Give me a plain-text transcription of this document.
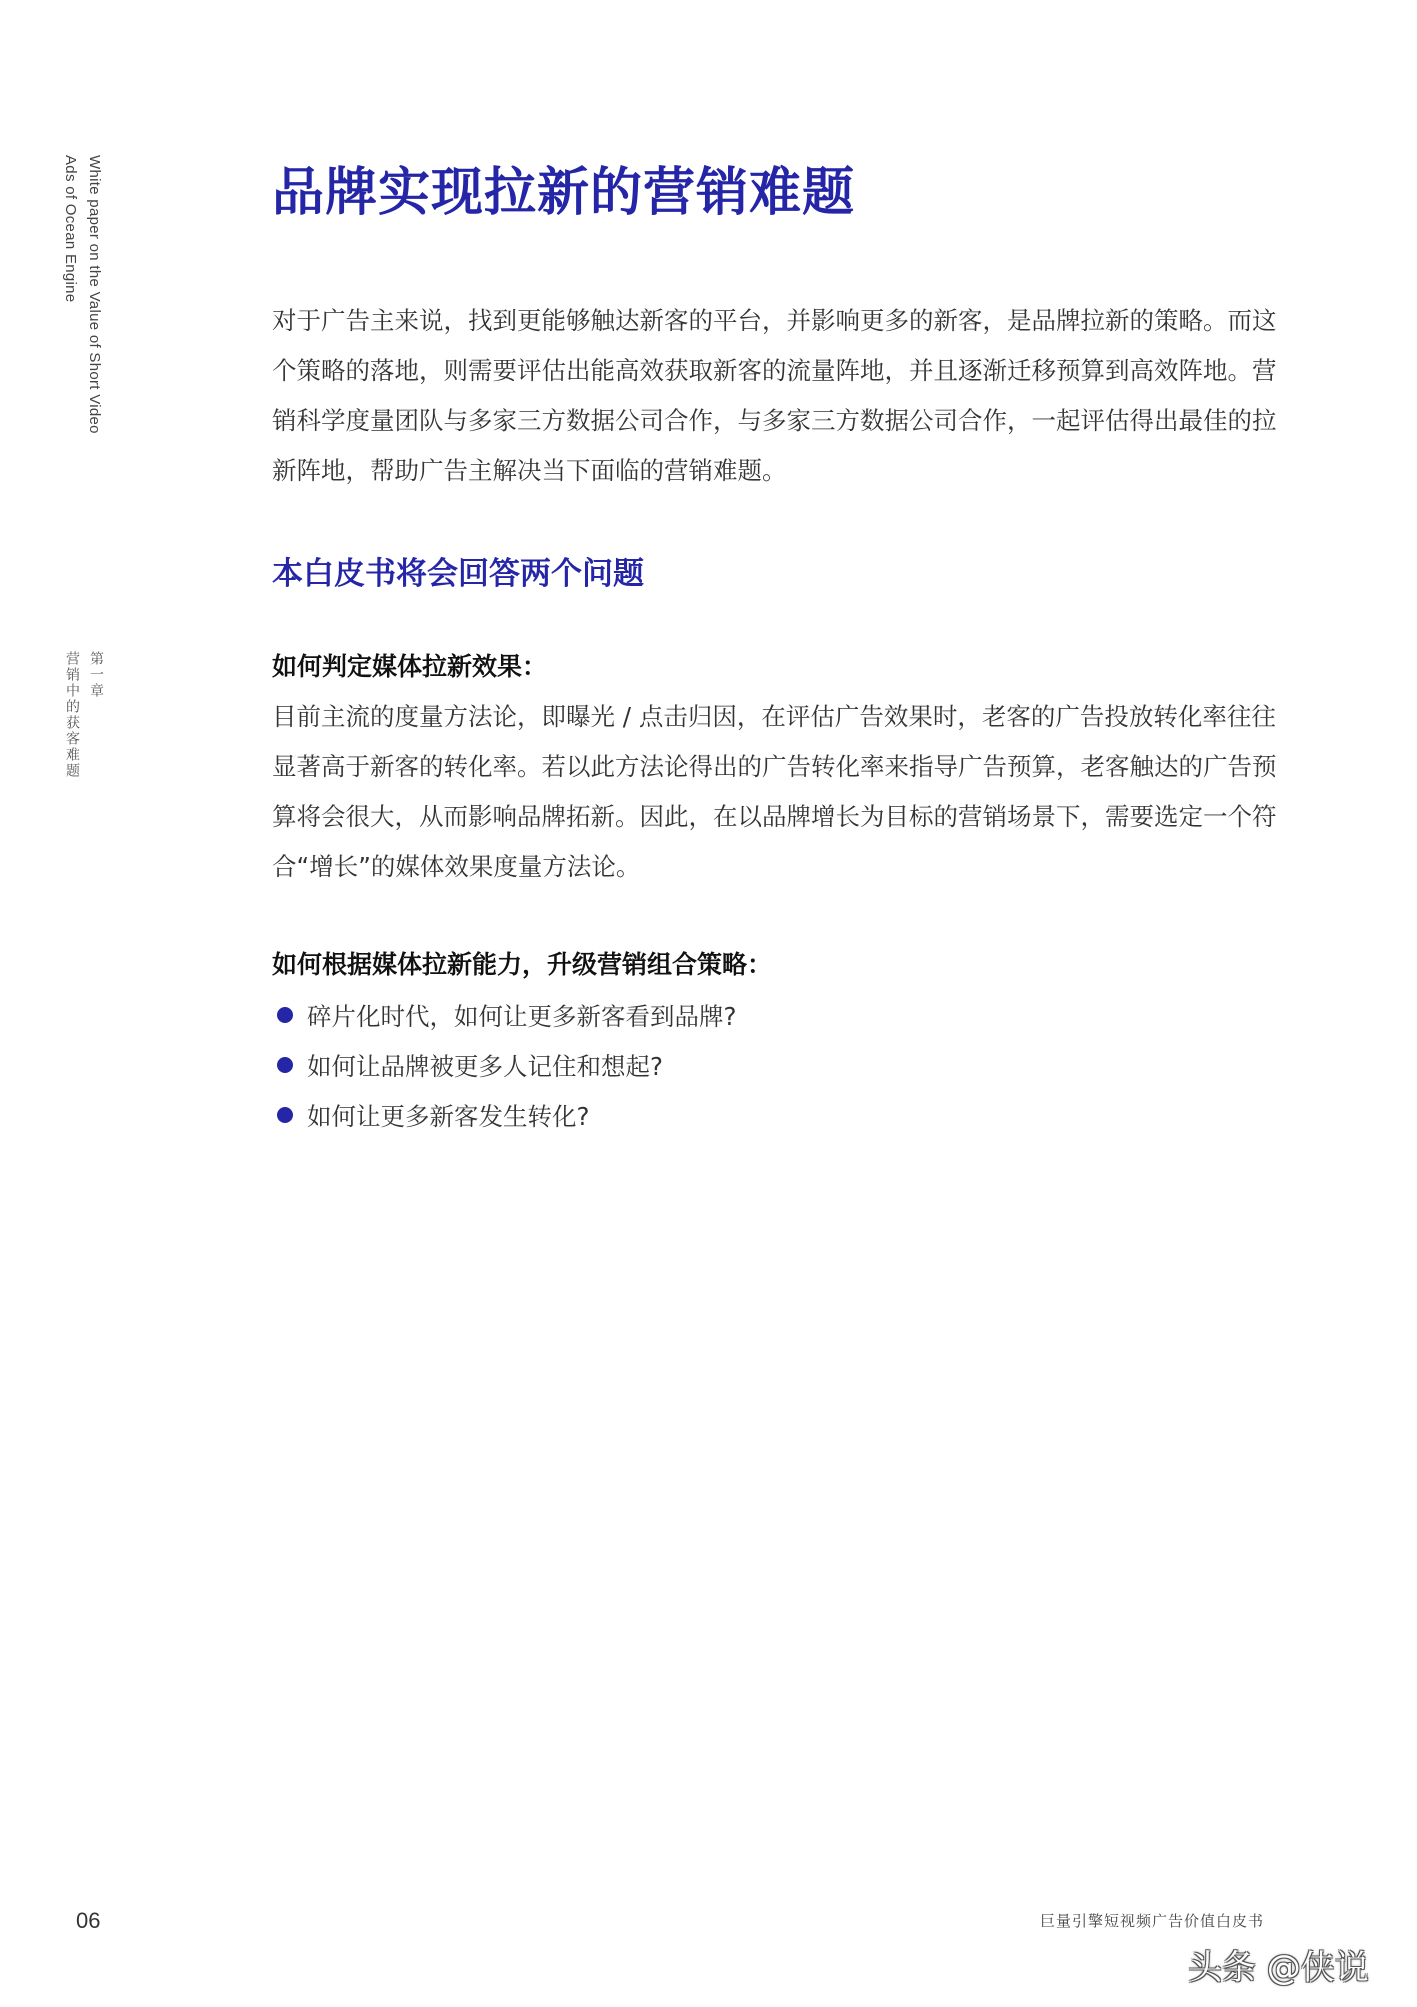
White paper on the Value of Short Video
Ads of Ocean Engine
第一章
营销中的获客难题
品牌实现拉新的营销难题

对于广告主来说，找到更能够触达新客的平台，并影响更多的新客，是品牌拉新的策略。而这个策略的落地，则需要评估出能高效获取新客的流量阵地，并且逐渐迁移预算到高效阵地。营销科学度量团队与多家三方数据公司合作，与多家三方数据公司合作，一起评估得出最佳的拉新阵地，帮助广告主解决当下面临的营销难题。

本白皮书将会回答两个问题
如何判定媒体拉新效果：

目前主流的度量方法论，即曝光 / 点击归因，在评估广告效果时，老客的广告投放转化率往往显著高于新客的转化率。若以此方法论得出的广告转化率来指导广告预算，老客触达的广告预算将会很大，从而影响品牌拓新。因此，在以品牌增长为目标的营销场景下，需要选定一个符合“增长”的媒体效果度量方法论。

如何根据媒体拉新能力，升级营销组合策略：
碎片化时代，如何让更多新客看到品牌?
如何让品牌被更多人记住和想起?
如何让更多新客发生转化?
06	巨量引擎短视频广告价值白皮书
头条 @侠说
